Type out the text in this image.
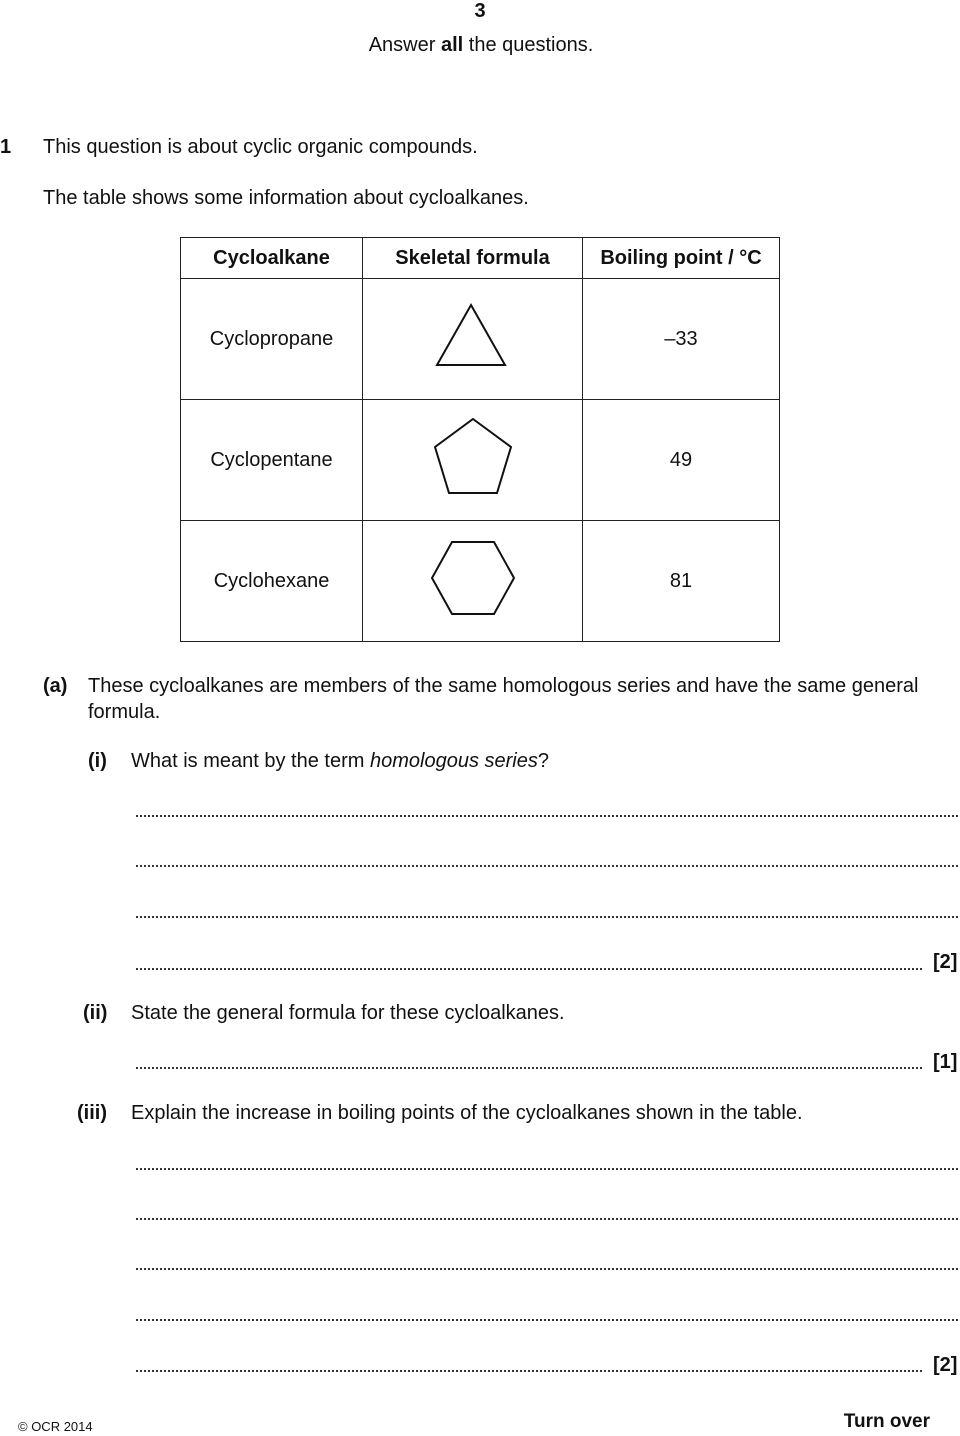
3
Answer all the questions.
1 This question is about cyclic organic compounds.
The table shows some information about cycloalkanes.
Cycloalkane	Skeletal formula	Boiling point / °C
Cyclopropane		–33
Cyclopentane		49
Cyclohexane		81
(a) These cycloalkanes are members of the same homologous series and have the same general
formula.
(i) What is meant by the term homologous series?
[2]
(ii) State the general formula for these cycloalkanes.
[1]
(iii) Explain the increase in boiling points of the cycloalkanes shown in the table.
[2]
© OCR 2014	Turn over
